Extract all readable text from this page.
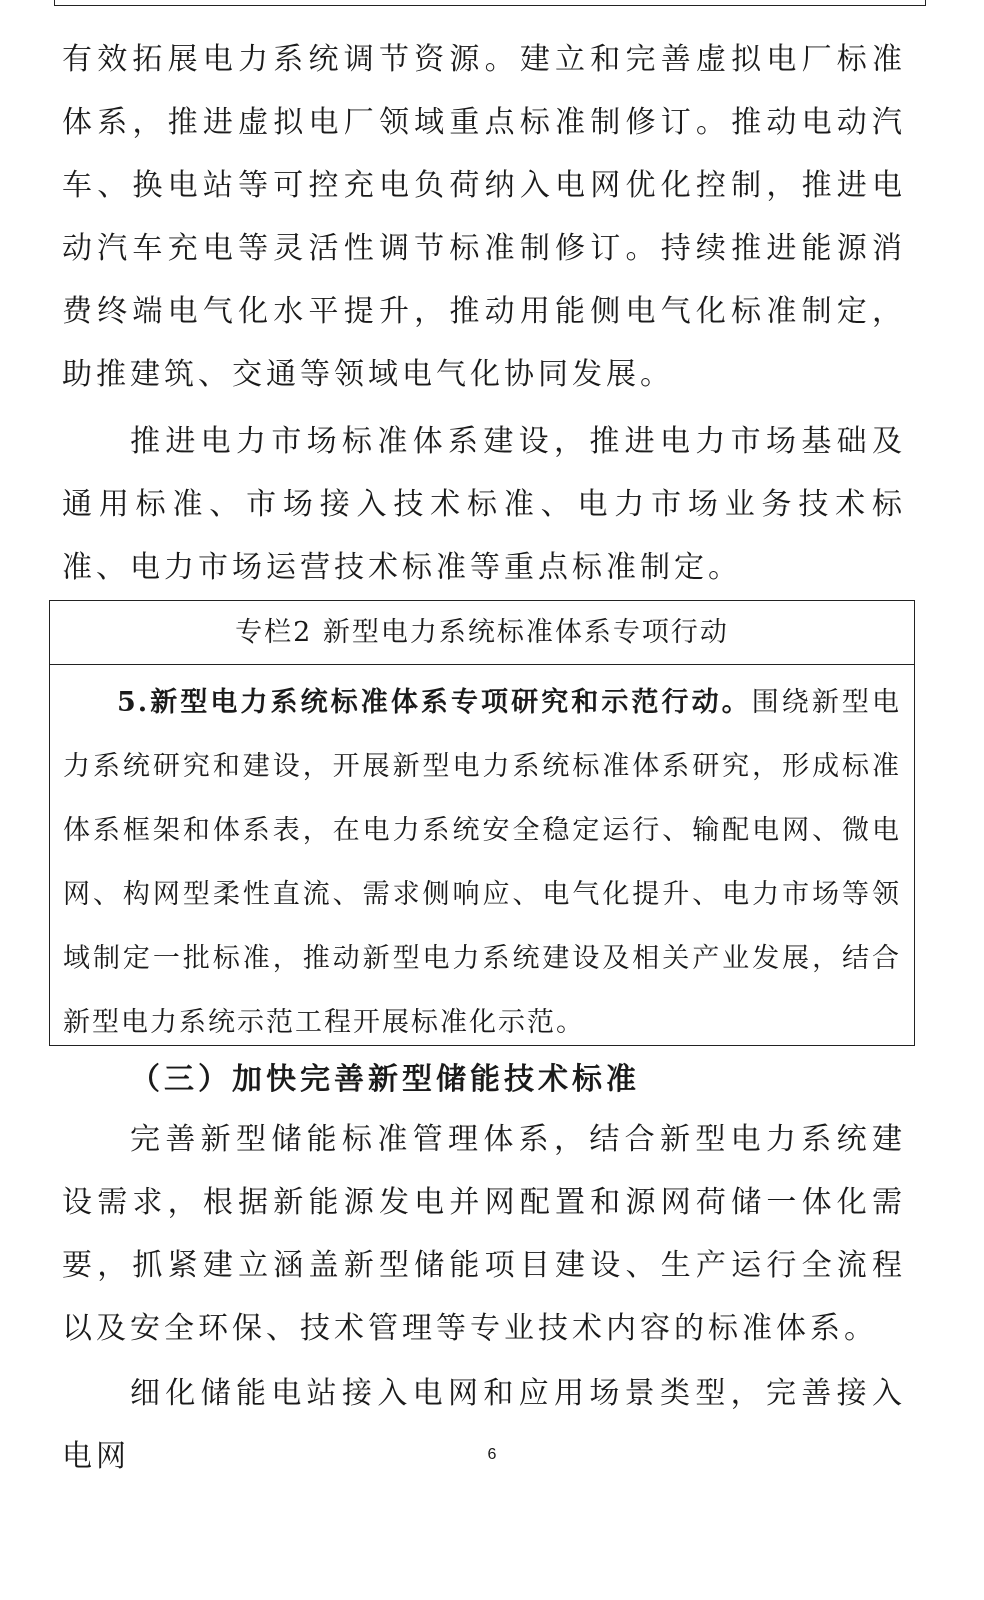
有效拓展电力系统调节资源。建立和完善虚拟电厂标准体系，推进虚拟电厂领域重点标准制修订。推动电动汽车、换电站等可控充电负荷纳入电网优化控制，推进电动汽车充电等灵活性调节标准制修订。持续推进能源消费终端电气化水平提升，推动用能侧电气化标准制定，助推建筑、交通等领域电气化协同发展。

推进电力市场标准体系建设，推进电力市场基础及通用标准、市场接入技术标准、电力市场业务技术标准、电力市场运营技术标准等重点标准制定。

专栏2 新型电力系统标准体系专项行动

5.新型电力系统标准体系专项研究和示范行动。围绕新型电力系统研究和建设，开展新型电力系统标准体系研究，形成标准体系框架和体系表，在电力系统安全稳定运行、输配电网、微电网、构网型柔性直流、需求侧响应、电气化提升、电力市场等领域制定一批标准，推动新型电力系统建设及相关产业发展，结合新型电力系统示范工程开展标准化示范。

（三）加快完善新型储能技术标准

完善新型储能标准管理体系，结合新型电力系统建设需求，根据新能源发电并网配置和源网荷储一体化需要，抓紧建立涵盖新型储能项目建设、生产运行全流程以及安全环保、技术管理等专业技术内容的标准体系。

细化储能电站接入电网和应用场景类型，完善接入电网	6
